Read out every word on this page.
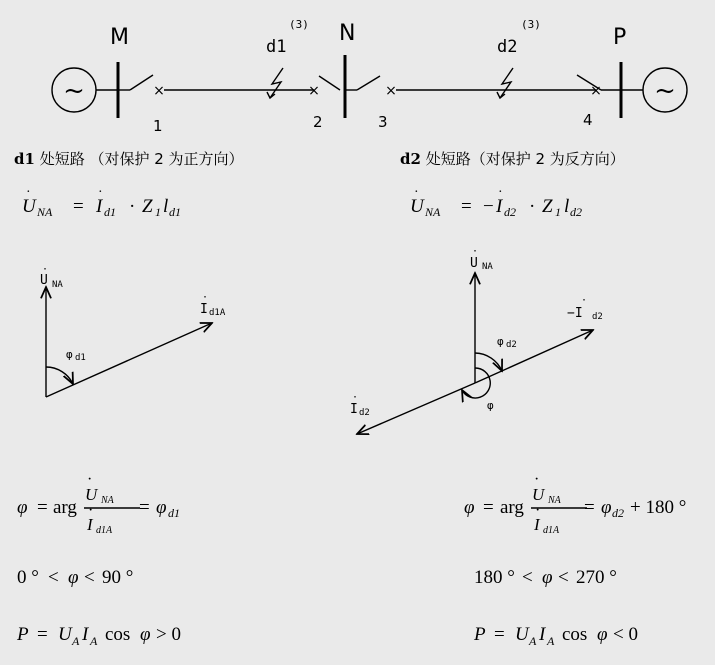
~
M
×
1
d1
(3)
×
2
N
×
3
d2
(3)
×
4
P
~
d1 处短路 （对保护 2 为正方向）	d2 处短路（对保护 2 为反方向）
U
·
NA = I
·
d1 · Z 1 l d1	U
·
NA = − I
·
d2 · Z 1 l d2
U
·
NA
I
·
d1A
φ d1
U
·
NA
−I
·
d2
I
·
d2
φ d2
φ
φ = arg
U
·
NA
I
·
d1A
= φ d1	φ = arg
U
·
NA
I
·
d1A
= φ d2 + 180 °
0 ° < φ < 90 °	180 ° < φ < 270 °
P = U A I A cos φ > 0	P = U A I A cos φ < 0
